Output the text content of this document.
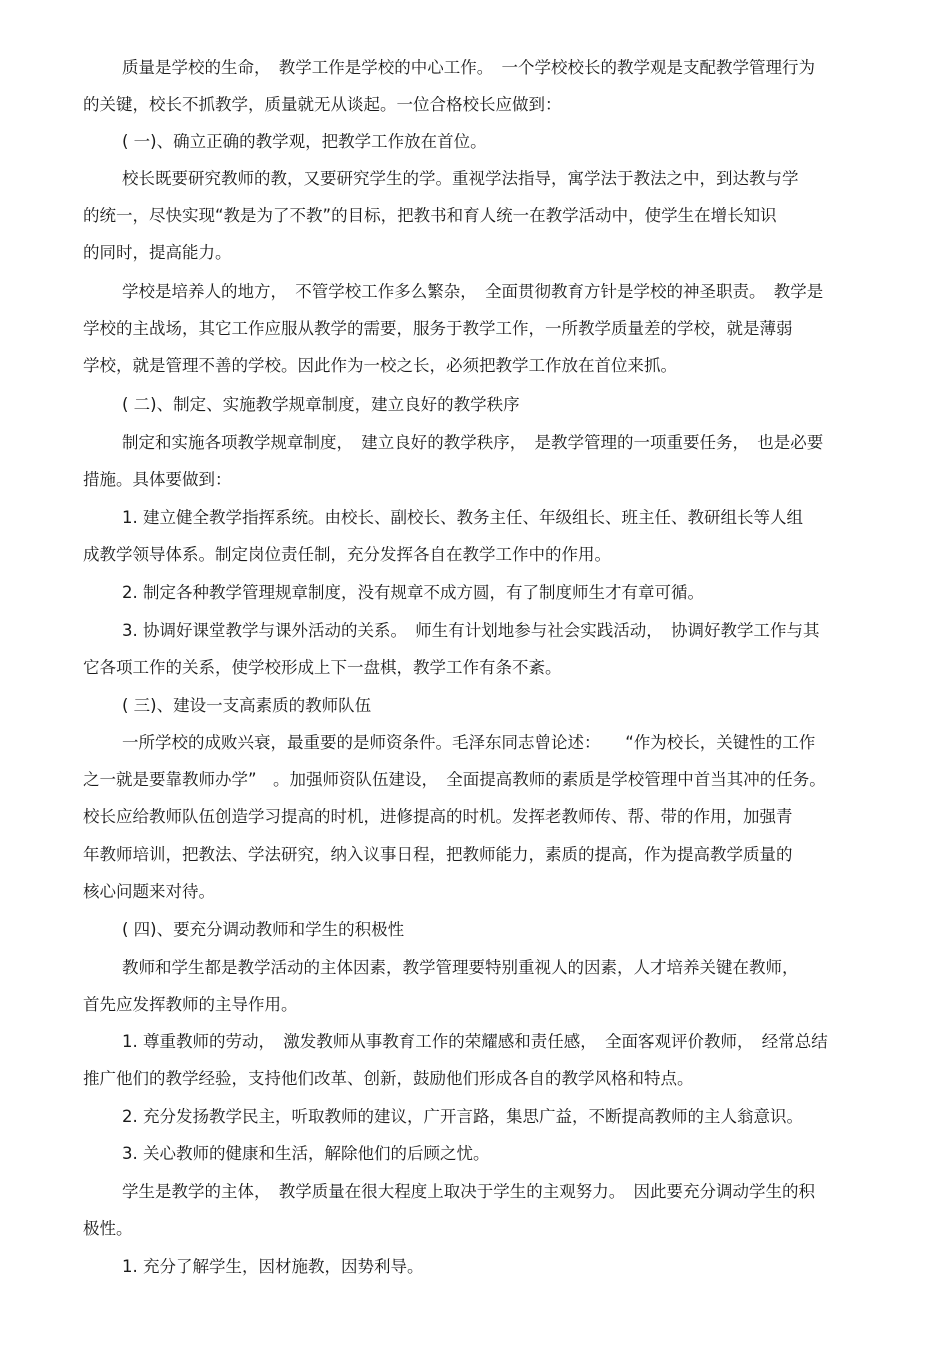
质量是学校的生命，　教学工作是学校的中心工作。　一个学校校长的教学观是支配教学管理行为
的关键，校长不抓教学，质量就无从谈起。一位合格校长应做到：
( 一)、确立正确的教学观，把教学工作放在首位。
校长既要研究教师的教，又要研究学生的学。重视学法指导，寓学法于教法之中，到达教与学
的统一，尽快实现“教是为了不教”的目标，把教书和育人统一在教学活动中，使学生在增长知识
的同时，提高能力。
学校是培养人的地方，　不管学校工作多么繁杂，　全面贯彻教育方针是学校的神圣职责。　教学是
学校的主战场，其它工作应服从教学的需要，服务于教学工作，一所教学质量差的学校，就是薄弱
学校，就是管理不善的学校。因此作为一校之长，必须把教学工作放在首位来抓。
( 二)、制定、实施教学规章制度，建立良好的教学秩序
制定和实施各项教学规章制度，　建立良好的教学秩序，　是教学管理的一项重要任务，　也是必要
措施。具体要做到：
1. 建立健全教学指挥系统。由校长、副校长、教务主任、年级组长、班主任、教研组长等人组
成教学领导体系。制定岗位责任制，充分发挥各自在教学工作中的作用。
2. 制定各种教学管理规章制度，没有规章不成方圆，有了制度师生才有章可循。
3. 协调好课堂教学与课外活动的关系。　师生有计划地参与社会实践活动，　协调好教学工作与其
它各项工作的关系，使学校形成上下一盘棋，教学工作有条不紊。
( 三)、建设一支高素质的教师队伍
一所学校的成败兴衰，最重要的是师资条件。毛泽东同志曾论述：　　“作为校长，关键性的工作
之一就是要靠教师办学”　。加强师资队伍建设，　全面提高教师的素质是学校管理中首当其冲的任务。
校长应给教师队伍创造学习提高的时机，进修提高的时机。发挥老教师传、帮、带的作用，加强青
年教师培训，把教法、学法研究，纳入议事日程，把教师能力，素质的提高，作为提高教学质量的
核心问题来对待。
( 四)、要充分调动教师和学生的积极性
教师和学生都是教学活动的主体因素，教学管理要特别重视人的因素，人才培养关键在教师，
首先应发挥教师的主导作用。
1. 尊重教师的劳动，　激发教师从事教育工作的荣耀感和责任感，　全面客观评价教师，　经常总结
推广他们的教学经验，支持他们改革、创新，鼓励他们形成各自的教学风格和特点。
2. 充分发扬教学民主，听取教师的建议，广开言路，集思广益，不断提高教师的主人翁意识。
3. 关心教师的健康和生活，解除他们的后顾之忧。
学生是教学的主体，　教学质量在很大程度上取决于学生的主观努力。　因此要充分调动学生的积
极性。
1. 充分了解学生，因材施教，因势利导。
